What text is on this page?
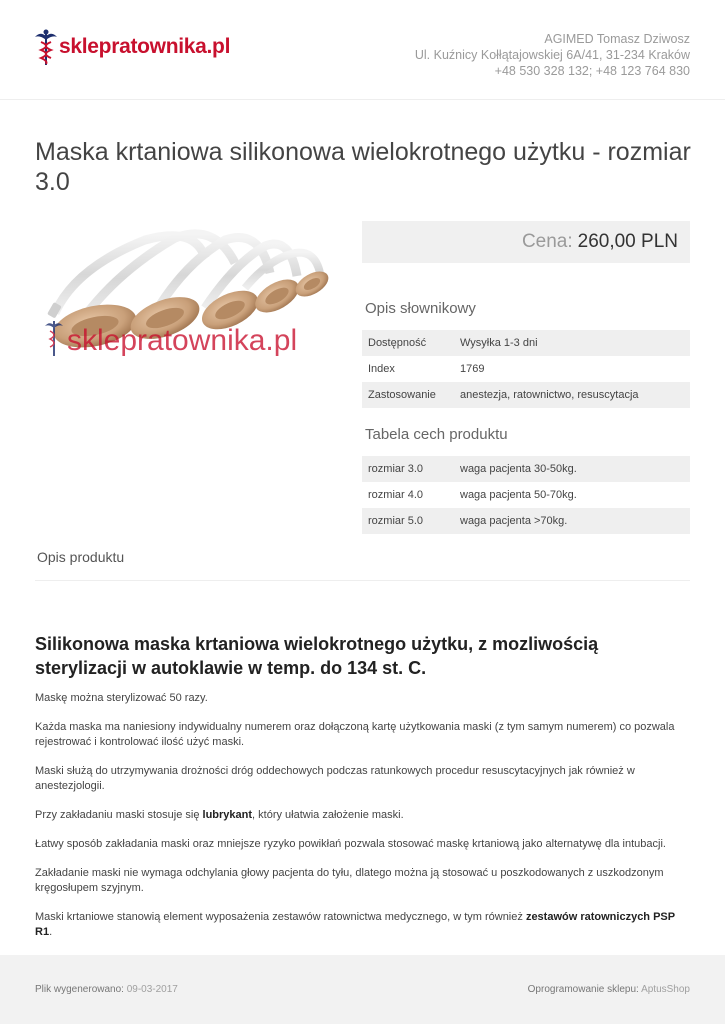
sklepratownika.pl	AGIMED Tomasz Dziwosz
Ul. Kuźnicy Kołłątajowskiej 6A/41, 31-234 Kraków
+48 530 328 132; +48 123 764 830
Maska krtaniowa silikonowa wielokrotnego użytku - rozmiar 3.0
sklepratownika.pl
Cena: 260,00 PLN
Opis słownikowy
Dostępność	Wysyłka 1-3 dni
Index	1769
Zastosowanie	anestezja, ratownictwo, resuscytacja
Tabela cech produktu
rozmiar 3.0	waga pacjenta 30-50kg.
rozmiar 4.0	waga pacjenta 50-70kg.
rozmiar 5.0	waga pacjenta >70kg.
Opis produktu
Silikonowa maska krtaniowa wielokrotnego użytku, z mozliwością sterylizacji w autoklawie w temp. do 134 st. C.

Maskę można sterylizować 50 razy.

Każda maska ma naniesiony indywidualny numerem oraz dołączoną kartę użytkowania maski (z tym samym numerem) co pozwala rejestrować i kontrolować ilość użyć maski.

Maski służą do utrzymywania drożności dróg oddechowych podczas ratunkowych procedur resuscytacyjnych jak również w anestezjologii.

Przy zakładaniu maski stosuje się lubrykant, który ułatwia założenie maski.

Łatwy sposób zakładania maski oraz mniejsze ryzyko powikłań pozwala stosować maskę krtaniową jako alternatywę dla intubacji.

Zakładanie maski nie wymaga odchylania głowy pacjenta do tyłu, dlatego można ją stosować u poszkodowanych z uszkodzonym kręgosłupem szyjnym.

Maski krtaniowe stanowią element wyposażenia zestawów ratownictwa medycznego, w tym również zestawów ratowniczych PSP R1.

Plik wygenerowano: 09-03-2017	Oprogramowanie sklepu: AptusShop
